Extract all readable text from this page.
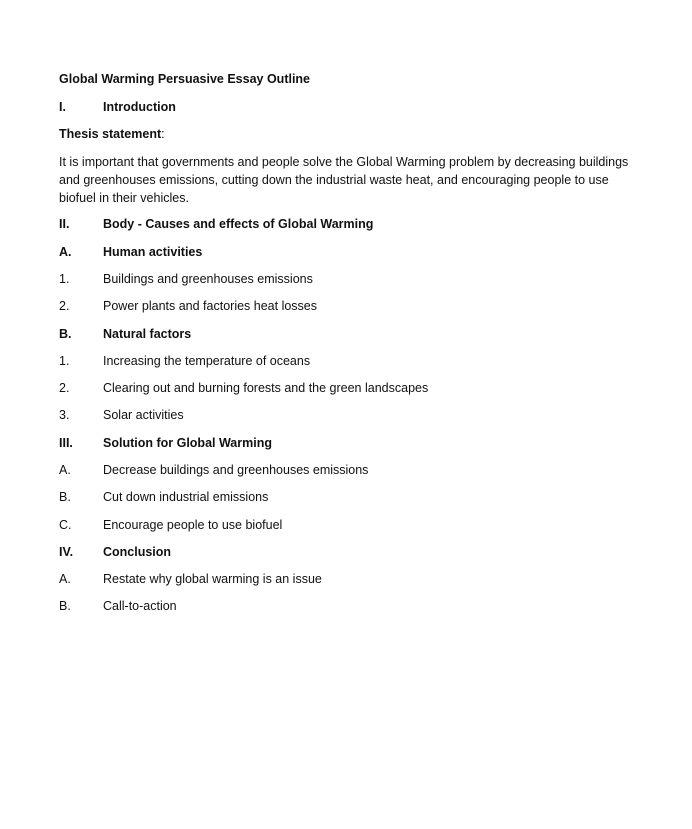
Global Warming Persuasive Essay Outline
I.	Introduction
Thesis statement:
It is important that governments and people solve the Global Warming problem by decreasing buildings and greenhouses emissions, cutting down the industrial waste heat, and encouraging people to use biofuel in their vehicles.
II.	Body - Causes and effects of Global Warming
A.	Human activities
1.	Buildings and greenhouses emissions
2.	Power plants and factories heat losses
B.	Natural factors
1.	Increasing the temperature of oceans
2.	Clearing out and burning forests and the green landscapes
3.	Solar activities
III.	Solution for Global Warming
A.	Decrease buildings and greenhouses emissions
B.	Cut down industrial emissions
C.	Encourage people to use biofuel
IV.	Conclusion
A.	Restate why global warming is an issue
B.	Call-to-action
